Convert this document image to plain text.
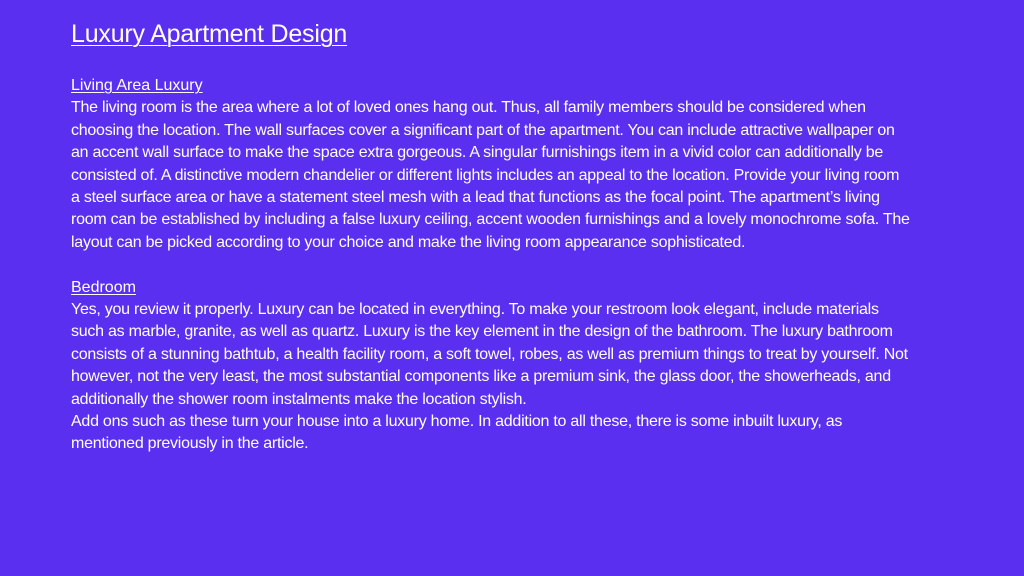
Luxury Apartment Design
Living Area Luxury

The living room is the area where a lot of loved ones hang out. Thus, all family members should be considered when choosing the location. The wall surfaces cover a significant part of the apartment. You can include attractive wallpaper on an accent wall surface to make the space extra gorgeous. A singular furnishings item in a vivid color can additionally be consisted of. A distinctive modern chandelier or different lights includes an appeal to the location. Provide your living room a steel surface area or have a statement steel mesh with a lead that functions as the focal point. The apartment’s living room can be established by including a false luxury ceiling, accent wooden furnishings and a lovely monochrome sofa. The layout can be picked according to your choice and make the living room appearance sophisticated.

Bedroom

Yes, you review it properly. Luxury can be located in everything. To make your restroom look elegant, include materials such as marble, granite, as well as quartz. Luxury is the key element in the design of the bathroom. The luxury bathroom consists of a stunning bathtub, a health facility room, a soft towel, robes, as well as premium things to treat by yourself. Not however, not the very least, the most substantial components like a premium sink, the glass door, the showerheads, and additionally the shower room instalments make the location stylish.

Add ons such as these turn your house into a luxury home. In addition to all these, there is some inbuilt luxury, as mentioned previously in the article.
